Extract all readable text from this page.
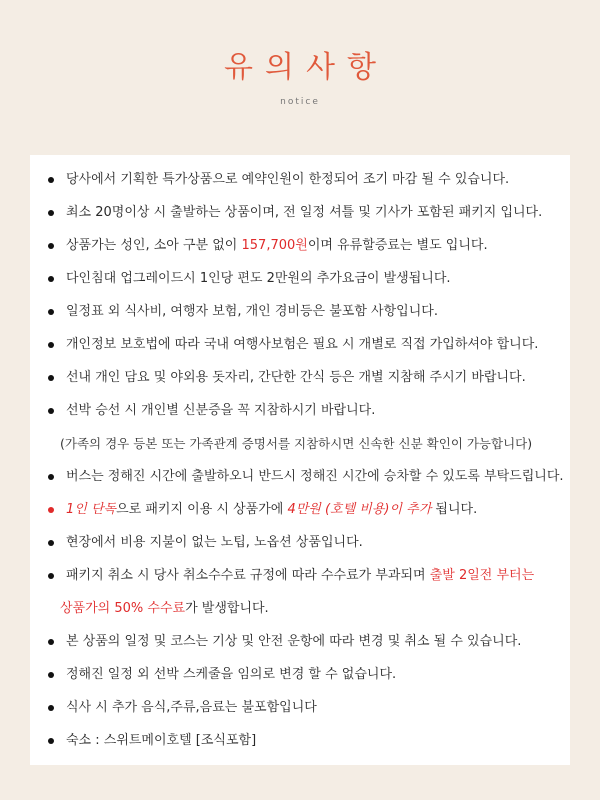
유의사항
notice
당사에서 기획한 특가상품으로 예약인원이 한정되어 조기 마감 될 수 있습니다.
최소 20명이상 시 출발하는 상품이며, 전 일정 셔틀 및 기사가 포함된 패키지 입니다.
상품가는 성인, 소아 구분 없이 157,700원이며 유류할증료는 별도 입니다.
다인침대 업그레이드시 1인당 편도 2만원의 추가요금이 발생됩니다.
일정표 외 식사비, 여행자 보험, 개인 경비등은 불포함 사항입니다.
개인정보 보호법에 따라 국내 여행사보험은 필요 시 개별로 직접 가입하셔야 합니다.
선내 개인 담요 및 야외용 돗자리, 간단한 간식 등은 개별 지참해 주시기 바랍니다.
선박 승선 시 개인별 신분증을 꼭 지참하시기 바랍니다.
(가족의 경우 등본 또는 가족관계 증명서를 지참하시면 신속한 신분 확인이 가능합니다)
버스는 정해진 시간에 출발하오니 반드시 정해진 시간에 승차할 수 있도록 부탁드립니다.
1인 단독으로 패키지 이용 시 상품가에 4만원 (호텔 비용)이 추가 됩니다.
현장에서 비용 지불이 없는 노팁, 노옵션 상품입니다.
패키지 취소 시 당사 취소수수료 규정에 따라 수수료가 부과되며 출발 2일전 부터는
상품가의 50% 수수료가 발생합니다.
본 상품의 일정 및 코스는 기상 및 안전 운항에 따라 변경 및 취소 될 수 있습니다.
정해진 일정 외 선박 스케줄을 임의로 변경 할 수 없습니다.
식사 시 추가 음식,주류,음료는 불포함입니다
숙소 : 스위트메이호텔 [조식포함]
